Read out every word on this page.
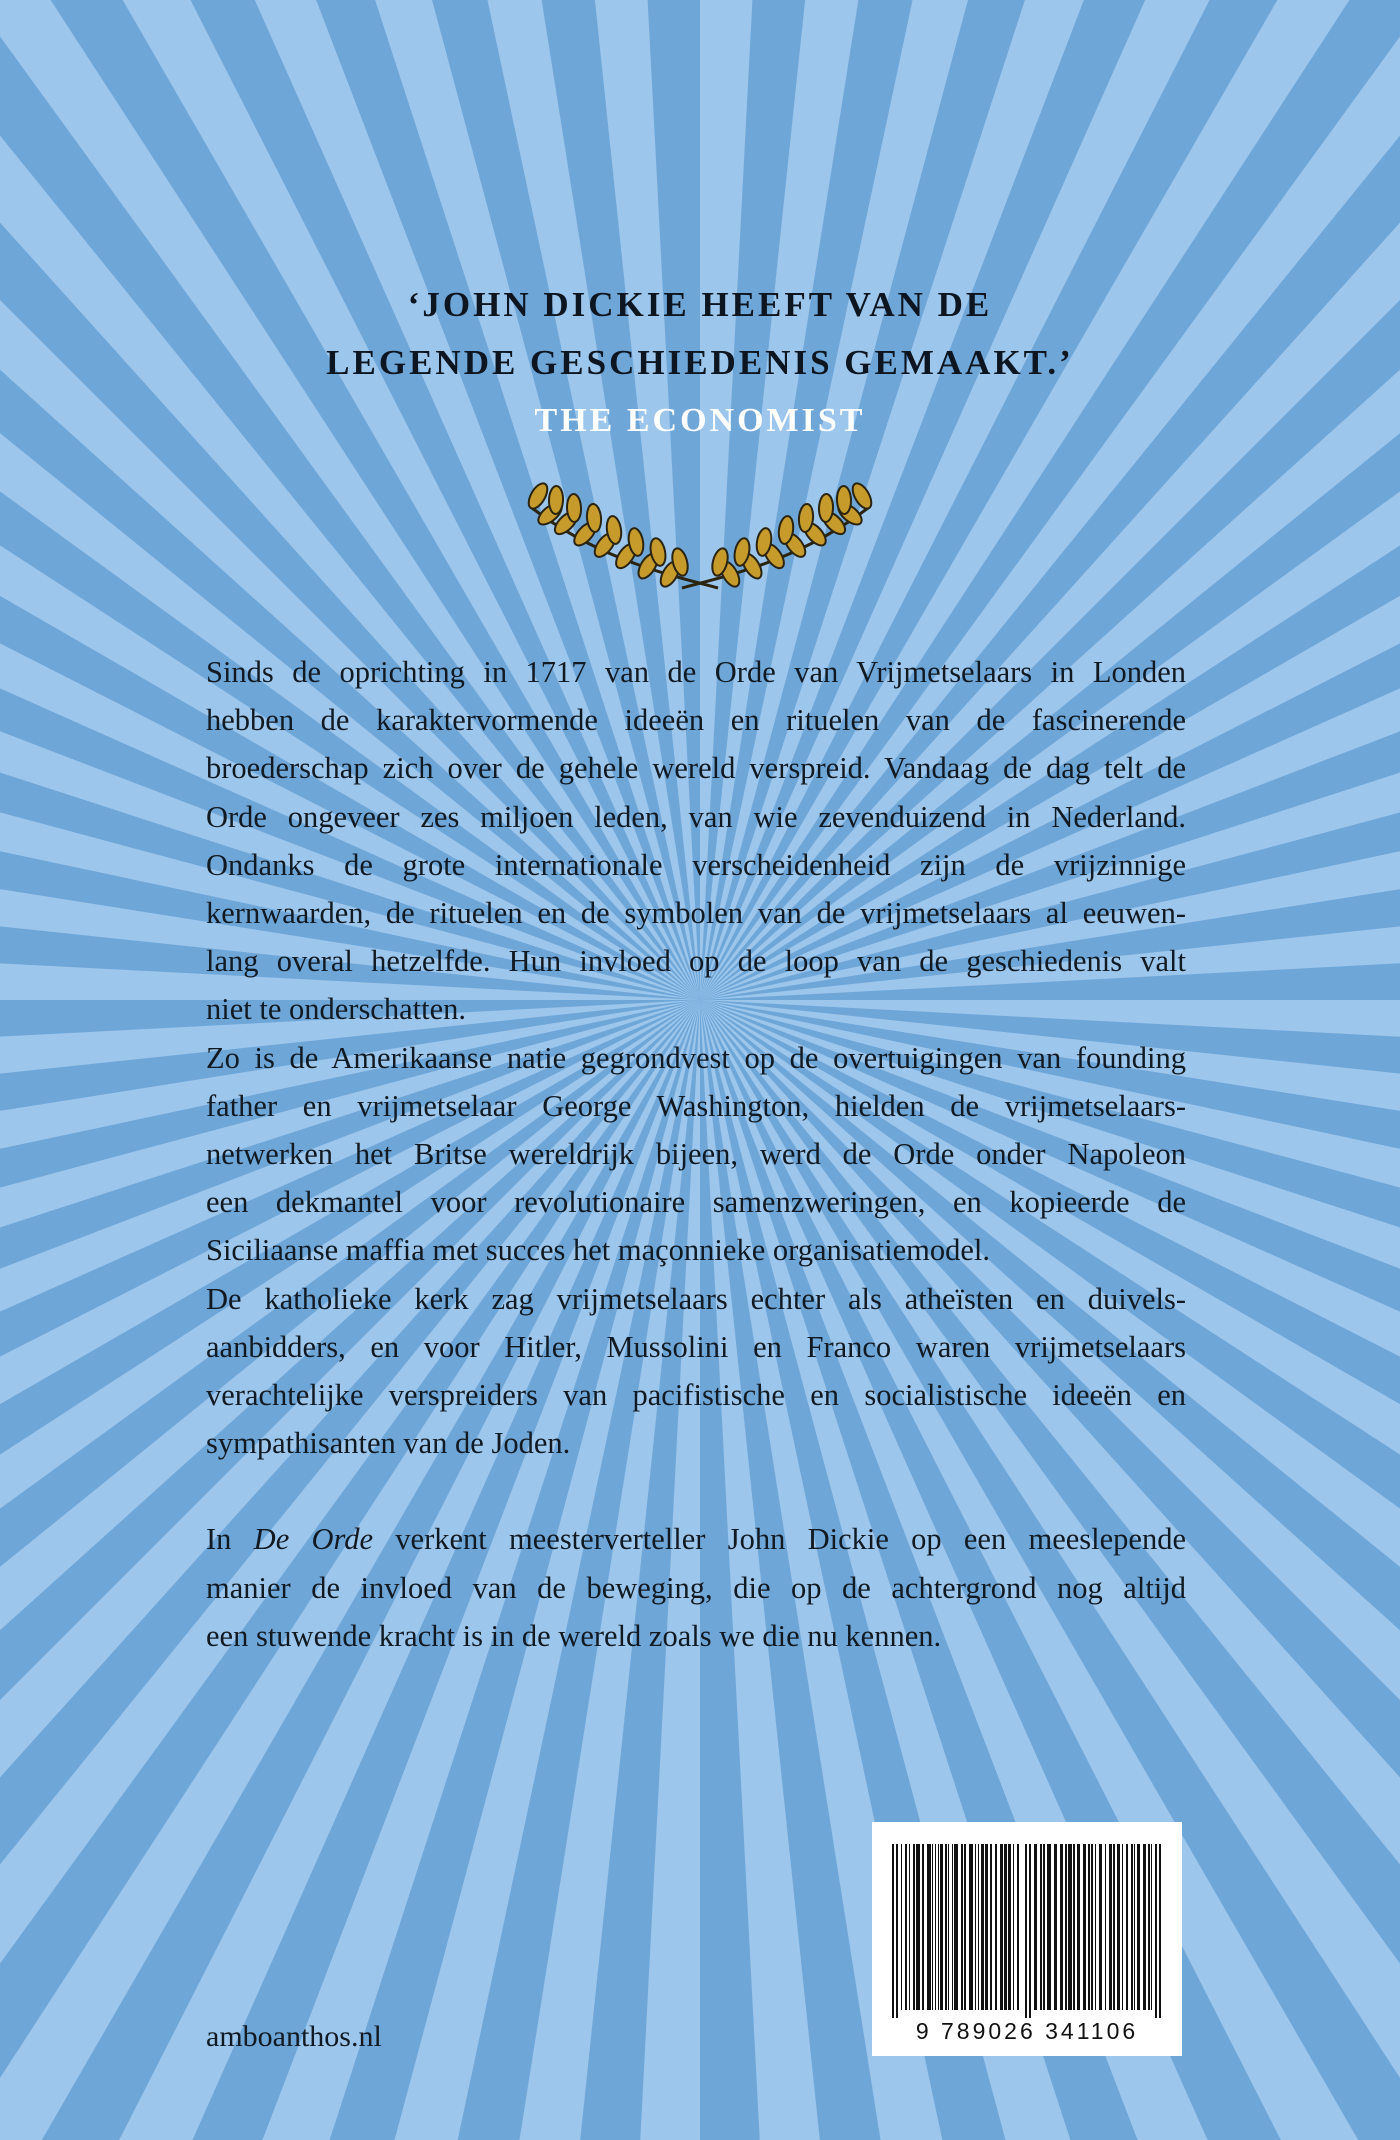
‘JOHN DICKIE HEEFT VAN DE
LEGENDE GESCHIEDENIS GEMAAKT.’
THE ECONOMIST
Sinds de oprichting in 1717 van de Orde van Vrijmetselaars in Londen
hebben de karaktervormende ideeën en rituelen van de fascinerende
broederschap zich over de gehele wereld verspreid. Vandaag de dag telt de
Orde ongeveer zes miljoen leden, van wie zevenduizend in Nederland.
Ondanks de grote internationale verscheidenheid zijn de vrijzinnige
kernwaarden, de rituelen en de symbolen van de vrijmetselaars al eeuwen-
lang overal hetzelfde. Hun invloed op de loop van de geschiedenis valt
niet te onderschatten.
Zo is de Amerikaanse natie gegrondvest op de overtuigingen van founding
father en vrijmetselaar George Washington, hielden de vrijmetselaars-
netwerken het Britse wereldrijk bijeen, werd de Orde onder Napoleon
een dekmantel voor revolutionaire samenzweringen, en kopieerde de
Siciliaanse maffia met succes het maçonnieke organisatiemodel.
De katholieke kerk zag vrijmetselaars echter als atheïsten en duivels-
aanbidders, en voor Hitler, Mussolini en Franco waren vrijmetselaars
verachtelijke verspreiders van pacifistische en socialistische ideeën en
sympathisanten van de Joden.
In De Orde verkent meesterverteller John Dickie op een meeslepende
manier de invloed van de beweging, die op de achtergrond nog altijd
een stuwende kracht is in de wereld zoals we die nu kennen.
amboanthos.nl	9 789026 341106
